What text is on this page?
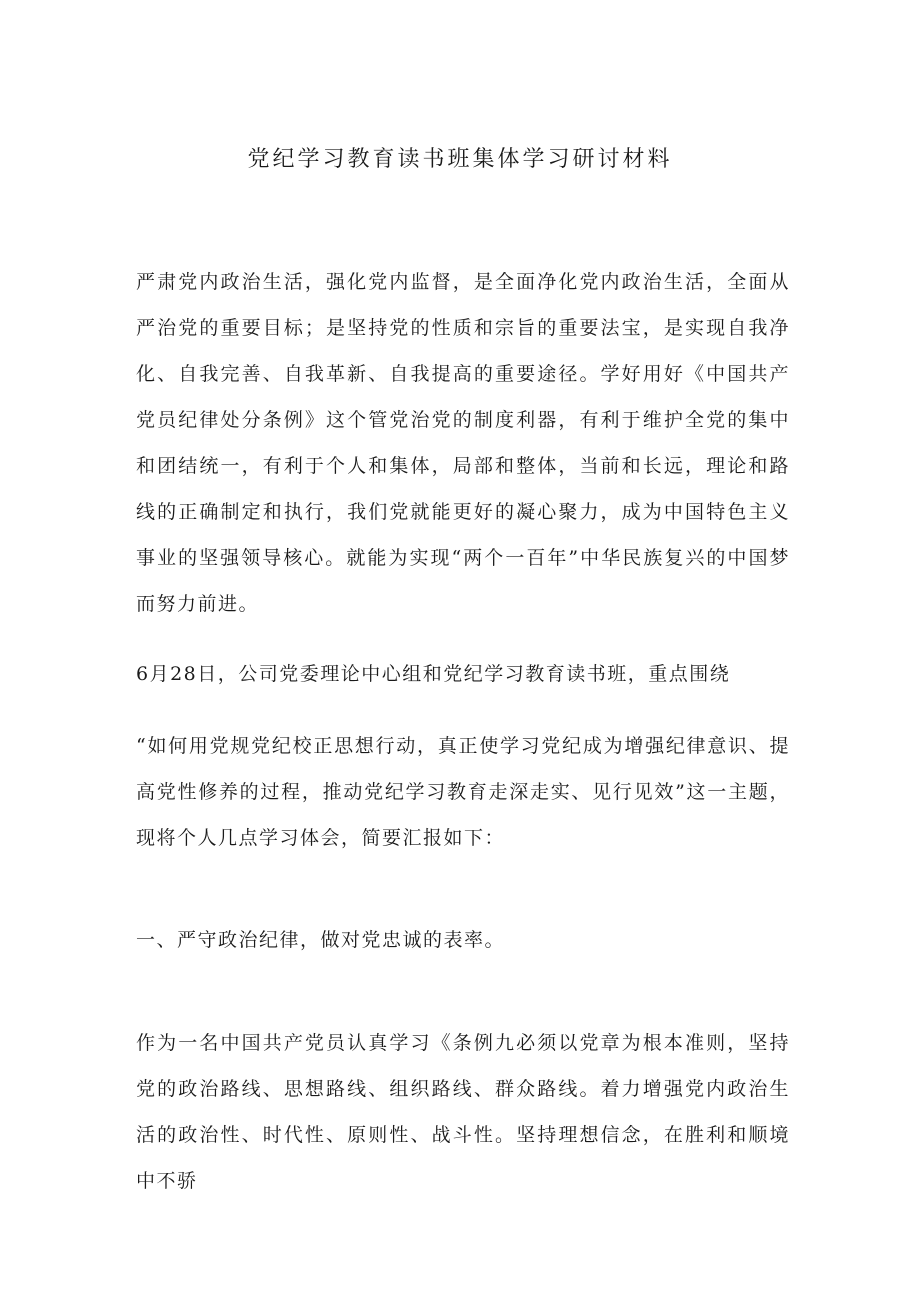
党纪学习教育读书班集体学习研讨材料

严肃党内政治生活，强化党内监督，是全面净化党内政治生活，全面从严治党的重要目标；是坚持党的性质和宗旨的重要法宝，是实现自我净化、自我完善、自我革新、自我提高的重要途径。学好用好《中国共产党员纪律处分条例》这个管党治党的制度利器，有利于维护全党的集中和团结统一，有利于个人和集体，局部和整体，当前和长远，理论和路线的正确制定和执行，我们党就能更好的凝心聚力，成为中国特色主义事业的坚强领导核心。就能为实现“两个一百年”中华民族复兴的中国梦而努力前进。

6月28日，公司党委理论中心组和党纪学习教育读书班，重点围绕

“如何用党规党纪校正思想行动，真正使学习党纪成为增强纪律意识、提高党性修养的过程，推动党纪学习教育走深走实、见行见效”这一主题，现将个人几点学习体会，简要汇报如下：

一、严守政治纪律，做对党忠诚的表率。

作为一名中国共产党员认真学习《条例九必须以党章为根本准则，坚持党的政治路线、思想路线、组织路线、群众路线。着力增强党内政治生活的政治性、时代性、原则性、战斗性。坚持理想信念，在胜利和顺境中不骄
